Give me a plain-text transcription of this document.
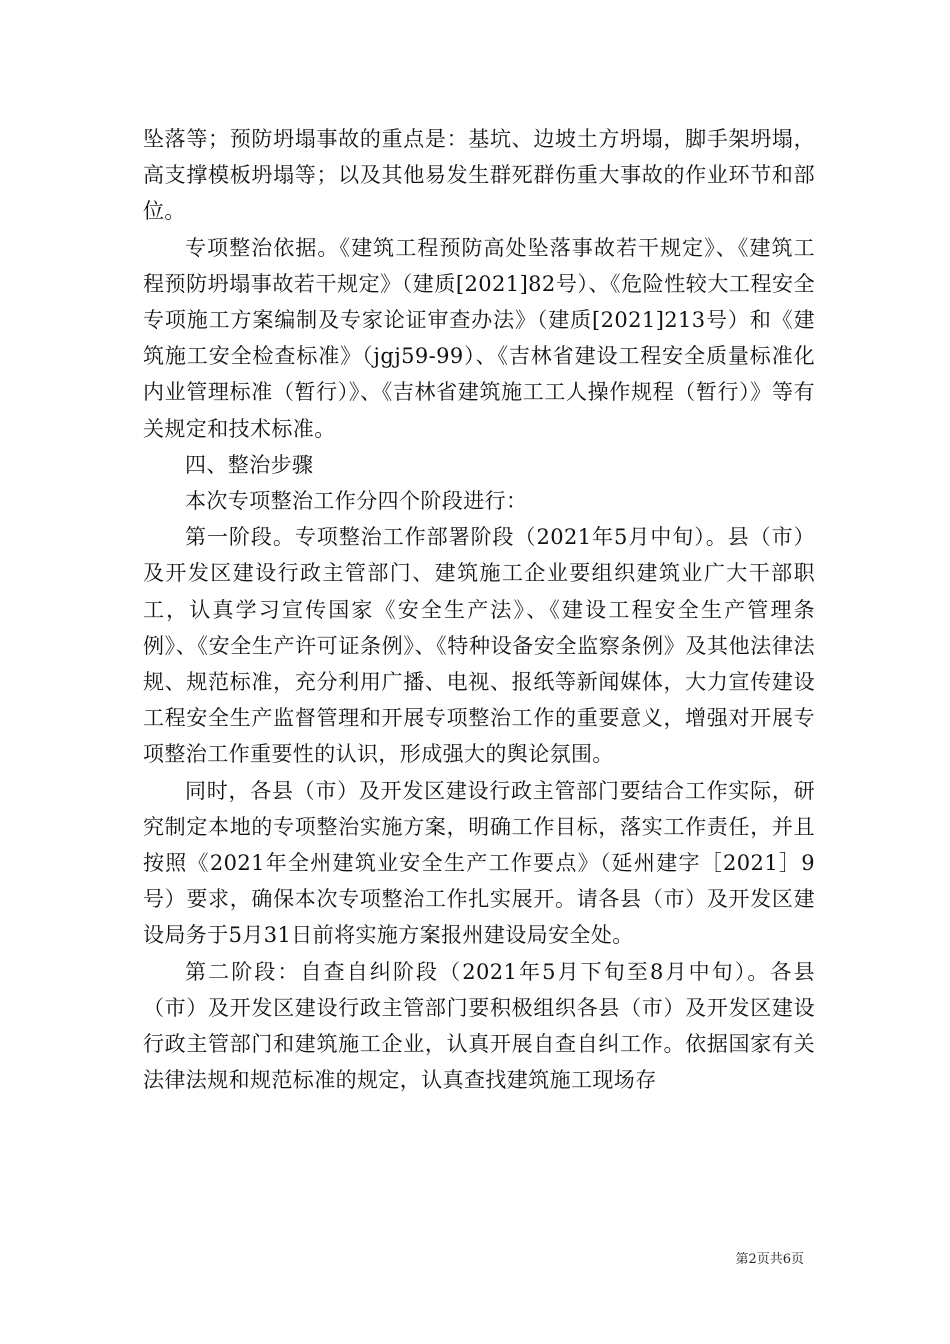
坠落等；预防坍塌事故的重点是：基坑、边坡土方坍塌，脚手架坍塌，高支撑模板坍塌等；以及其他易发生群死群伤重大事故的作业环节和部位。

专项整治依据。《建筑工程预防高处坠落事故若干规定》、《建筑工程预防坍塌事故若干规定》（建质[2021]82号）、《危险性较大工程安全专项施工方案编制及专家论证审查办法》（建质[2021]213号）和《建筑施工安全检查标准》（jgj59-99）、《吉林省建设工程安全质量标准化内业管理标准（暂行）》、《吉林省建筑施工工人操作规程（暂行）》等有关规定和技术标准。

四、整治步骤

本次专项整治工作分四个阶段进行：

第一阶段。专项整治工作部署阶段（2021年5月中旬）。县（市）及开发区建设行政主管部门、建筑施工企业要组织建筑业广大干部职工，认真学习宣传国家《安全生产法》、《建设工程安全生产管理条例》、《安全生产许可证条例》、《特种设备安全监察条例》及其他法律法规、规范标准，充分利用广播、电视、报纸等新闻媒体，大力宣传建设工程安全生产监督管理和开展专项整治工作的重要意义，增强对开展专项整治工作重要性的认识，形成强大的舆论氛围。

同时，各县（市）及开发区建设行政主管部门要结合工作实际，研究制定本地的专项整治实施方案，明确工作目标，落实工作责任，并且按照《2021年全州建筑业安全生产工作要点》（延州建字［2021］9号）要求，确保本次专项整治工作扎实展开。请各县（市）及开发区建设局务于5月31日前将实施方案报州建设局安全处。

第二阶段：自查自纠阶段（2021年5月下旬至8月中旬）。各县（市）及开发区建设行政主管部门要积极组织各县（市）及开发区建设行政主管部门和建筑施工企业，认真开展自查自纠工作。依据国家有关法律法规和规范标准的规定，认真查找建筑施工现场存

第2页共6页
